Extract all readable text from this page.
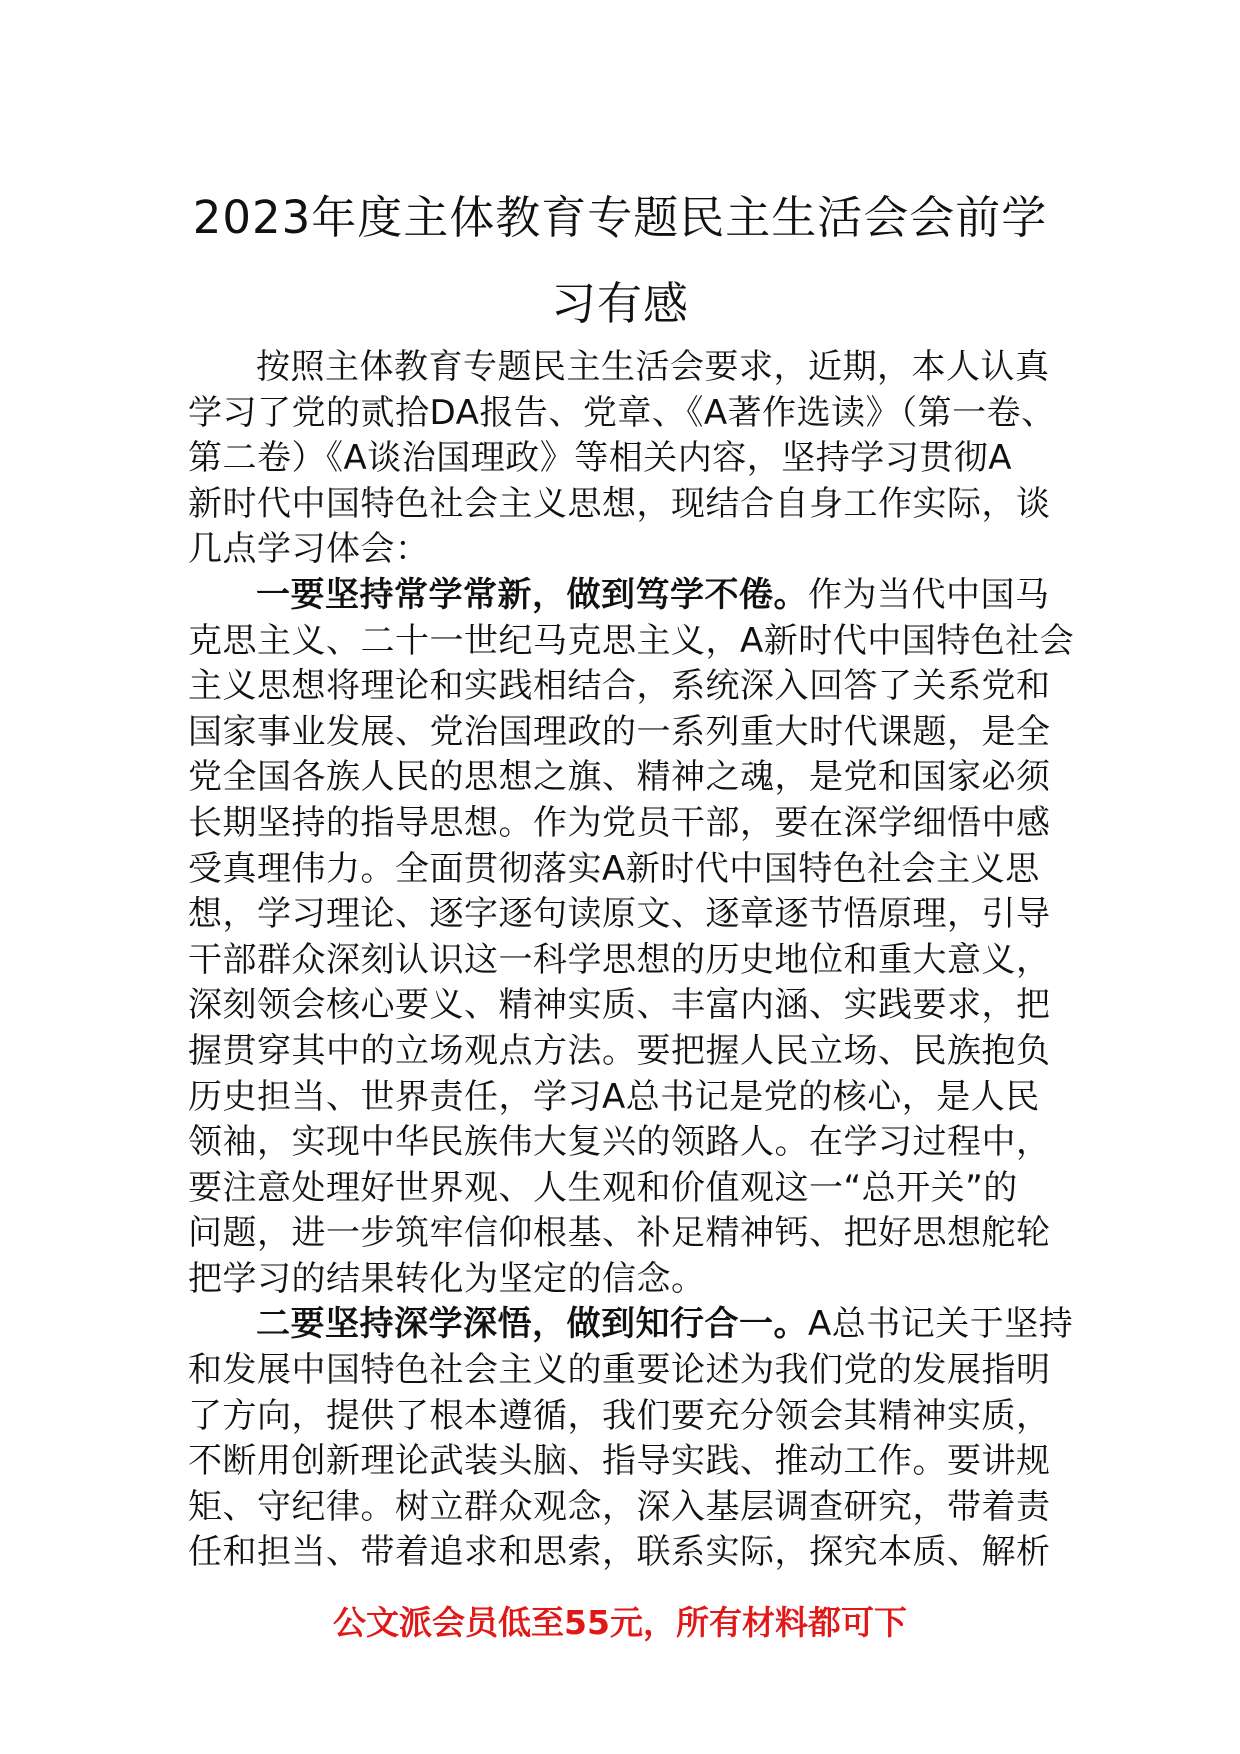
2023年度主体教育专题民主生活会会前学
习有感
按照主体教育专题民主生活会要求，近期，本人认真
学习了党的贰拾DA报告、党章、《A著作选读》（第一卷、
第二卷）《A谈治国理政》等相关内容，坚持学习贯彻A
新时代中国特色社会主义思想，现结合自身工作实际，谈
几点学习体会：
一要坚持常学常新，做到笃学不倦。作为当代中国马
克思主义、二十一世纪马克思主义，A新时代中国特色社会
主义思想将理论和实践相结合，系统深入回答了关系党和
国家事业发展、党治国理政的一系列重大时代课题，是全
党全国各族人民的思想之旗、精神之魂，是党和国家必须
长期坚持的指导思想。作为党员干部，要在深学细悟中感
受真理伟力。全面贯彻落实A新时代中国特色社会主义思
想，学习理论、逐字逐句读原文、逐章逐节悟原理，引导
干部群众深刻认识这一科学思想的历史地位和重大意义，
深刻领会核心要义、精神实质、丰富内涵、实践要求，把
握贯穿其中的立场观点方法。要把握人民立场、民族抱负
历史担当、世界责任，学习A总书记是党的核心，是人民
领袖，实现中华民族伟大复兴的领路人。在学习过程中，
要注意处理好世界观、人生观和价值观这一“总开关”的
问题，进一步筑牢信仰根基、补足精神钙、把好思想舵轮
把学习的结果转化为坚定的信念。
二要坚持深学深悟，做到知行合一。A总书记关于坚持
和发展中国特色社会主义的重要论述为我们党的发展指明
了方向，提供了根本遵循，我们要充分领会其精神实质，
不断用创新理论武装头脑、指导实践、推动工作。要讲规
矩、守纪律。树立群众观念，深入基层调查研究，带着责
任和担当、带着追求和思索，联系实际，探究本质、解析
公文派会员低至55元，所有材料都可下
